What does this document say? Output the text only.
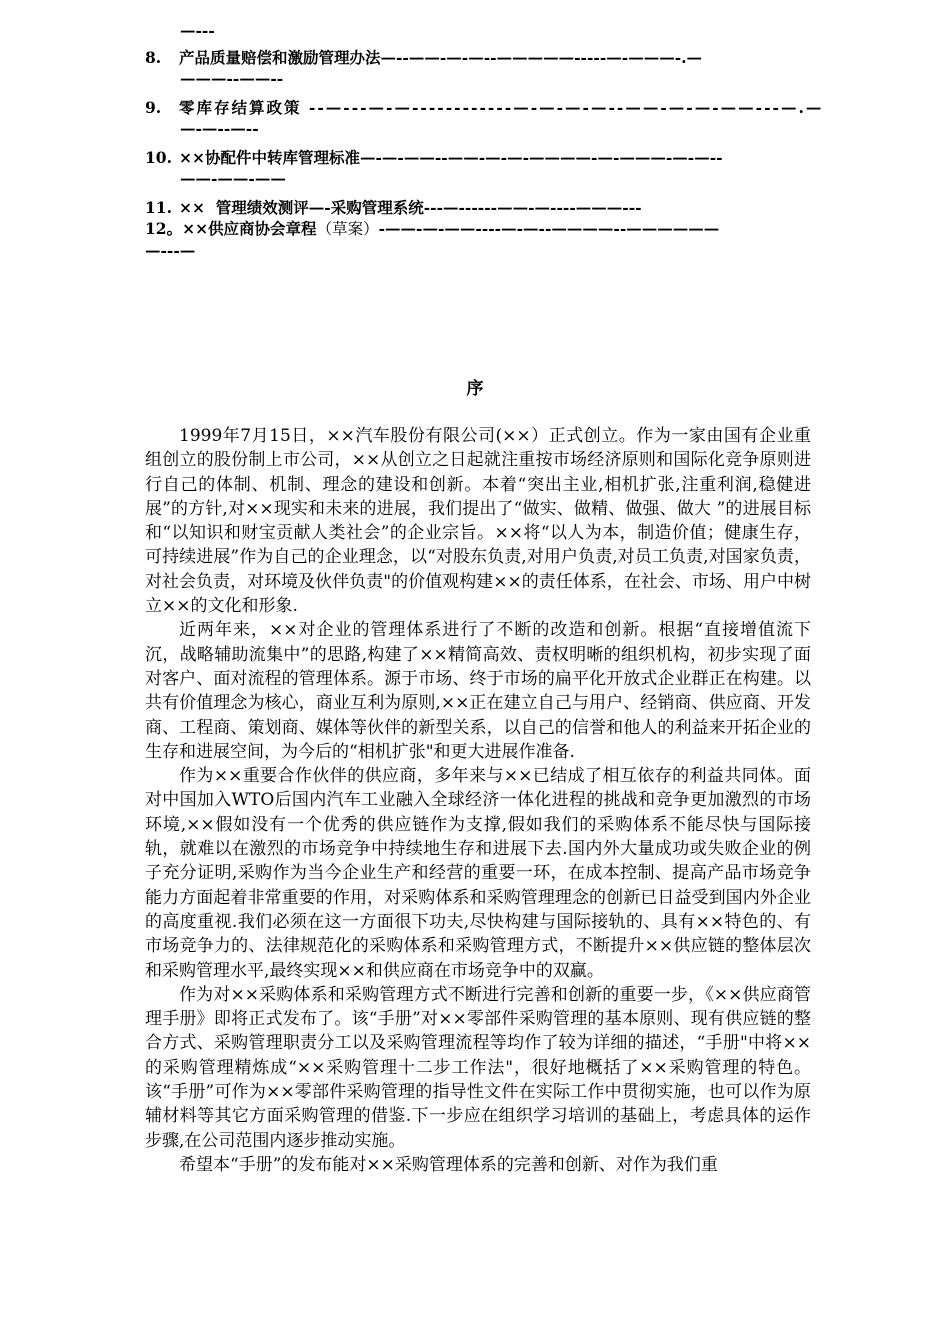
—---
8. 产品质量赔偿和激励管理办法—--——-—-—--—————-----—-———-.—
———--——--
9. 零库存结算政策 --—---—-—------------—-—-—-—--——-—-—-——---—.—
—-—--—--
10. ××协配件中转库管理标准—-—-——--——-—-—-————-—-———-—-—--
——-——-——
11. ××  管理绩效测评—-采购管理系统---—------——-—----———---
12。××供应商协会章程（草案）-——-—-——----—-—--————--——————
—---—
序

1999年7月15日，××汽车股份有限公司(××）正式创立。作为一家由国有企业重组创立的股份制上市公司，××从创立之日起就注重按市场经济原则和国际化竞争原则进行自己的体制、机制、理念的建设和创新。本着“突出主业,相机扩张,注重利润,稳健进展”的方针,对××现实和未来的进展，我们提出了“做实、做精、做强、做大 ”的进展目标和“以知识和财宝贡献人类社会”的企业宗旨。××将“以人为本，制造价值；健康生存，可持续进展”作为自己的企业理念，以“对股东负责,对用户负责,对员工负责,对国家负责， 对社会负责，对环境及伙伴负责"的价值观构建××的责任体系，在社会、市场、用户中树立××的文化和形象.

近两年来，××对企业的管理体系进行了不断的改造和创新。根据“直接增值流下沉，战略辅助流集中”的思路,构建了××精简高效、责权明晰的组织机构，初步实现了面对客户、面对流程的管理体系。源于市场、终于市场的扁平化开放式企业群正在构建。以共有价值理念为核心，商业互利为原则,××正在建立自己与用户、经销商、供应商、开发商、工程商、策划商、媒体等伙伴的新型关系，以自己的信誉和他人的利益来开拓企业的生存和进展空间，为今后的“相机扩张"和更大进展作准备.

作为××重要合作伙伴的供应商，多年来与××已结成了相互依存的利益共同体。面对中国加入WTO后国内汽车工业融入全球经济一体化进程的挑战和竞争更加激烈的市场环境,××假如没有一个优秀的供应链作为支撑,假如我们的采购体系不能尽快与国际接轨，就难以在激烈的市场竞争中持续地生存和进展下去.国内外大量成功或失败企业的例子充分证明,采购作为当今企业生产和经营的重要一环，在成本控制、提高产品市场竞争能力方面起着非常重要的作用，对采购体系和采购管理理念的创新已日益受到国内外企业的高度重视.我们必须在这一方面很下功夫,尽快构建与国际接轨的、具有××特色的、有市场竞争力的、法律规范化的采购体系和采购管理方式，不断提升××供应链的整体层次和采购管理水平,最终实现××和供应商在市场竞争中的双赢。

作为对××采购体系和采购管理方式不断进行完善和创新的重要一步，《××供应商管理手册》即将正式发布了。该“手册”对××零部件采购管理的基本原则、现有供应链的整合方式、采购管理职责分工以及采购管理流程等均作了较为详细的描述，“手册"中将××的采购管理精炼成“××采购管理十二步工作法"，很好地概括了××采购管理的特色。该“手册”可作为××零部件采购管理的指导性文件在实际工作中贯彻实施，也可以作为原辅材料等其它方面采购管理的借鉴.下一步应在组织学习培训的基础上，考虑具体的运作步骤,在公司范围内逐步推动实施。

希望本“手册”的发布能对××采购管理体系的完善和创新、对作为我们重
